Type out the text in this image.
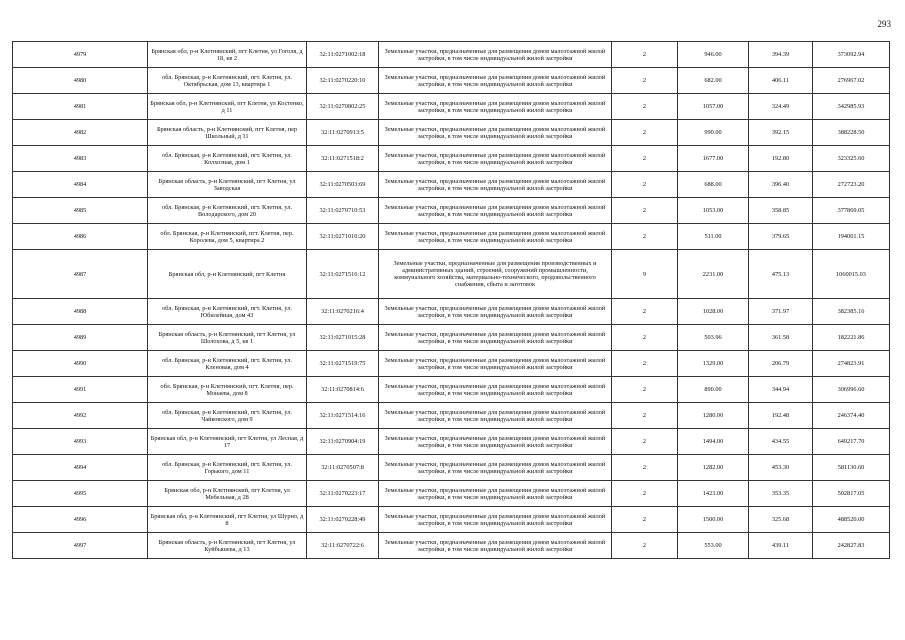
293
4979	Брянская обл, р-н Клетнянский, пгт Клетня, ул Гоголя, д 18, кв 2	32:11:0271002:18	Земельные участки, предназначенные для размещения домов малоэтажной жилой застройки, в том числе индивидуальной жилой застройки	2	946.00	394.39	373092.94
4980	обл. Брянская, р-н Клетнянский, пгт. Клетня, ул. Октябрьская, дом 13, квартира 1	32:11:0270220:10	Земельные участки, предназначенные для размещения домов малоэтажной жилой застройки, в том числе индивидуальной жилой застройки	2	682.00	406.11	276967.02
4981	Брянская обл, р-н Клетнянский, пгт Клетня, ул Костенко, д 11	32:11:0270802:25	Земельные участки, предназначенные для размещения домов малоэтажной жилой застройки, в том числе индивидуальной жилой застройки	2	1057.00	324.49	342985.93
4982	Брянская область, р-н Клетнянский, пгт Клетня, пер Школьный, д 11	32:11:0270913:5	Земельные участки, предназначенные для размещения домов малоэтажной жилой застройки, в том числе индивидуальной жилой застройки	2	990.00	392.15	388228.50
4983	обл. Брянская, р-н Клетнянский, пгт. Клетня, ул. Колхозная, дом 1	32:11:0271518:2	Земельные участки, предназначенные для размещения домов малоэтажной жилой застройки, в том числе индивидуальной жилой застройки	2	1677.00	192.80	323325.60
4984	Брянская область, р-н Клетнянский, пгт Клетня, ул Заводская	32:11:0270503:69	Земельные участки, предназначенные для размещения домов малоэтажной жилой застройки, в том числе индивидуальной жилой застройки	2	688.00	396.40	272723.20
4985	обл. Брянская, р-н Клетнянский, пгт. Клетня, ул. Володарского, дом 20	32:11:0270710:53	Земельные участки, предназначенные для размещения домов малоэтажной жилой застройки, в том числе индивидуальной жилой застройки	2	1053.00	358.85	377869.05
4986	обл. Брянская, р-н Клетнянский, пгт. Клетня, пер. Королева, дом 5, квартира 2	32:11:0271010:20	Земельные участки, предназначенные для размещения домов малоэтажной жилой застройки, в том числе индивидуальной жилой застройки	2	511.00	379.65	194001.15
4987	Брянская обл, р-н Клетнянский, пгт Клетня	32:11:0271516:12	Земельные участки, предназначенные для размещения производственных и административных зданий, строений, сооружений промышленности, коммунального хозяйства, материально-технического, продовольственного снабжения, сбыта и заготовок	9	2231.00	475.13	1060015.03
4988	обл. Брянская, р-н Клетнянский, пгт. Клетня, ул. Юбилейная, дом 43	32:11:0270216:4	Земельные участки, предназначенные для размещения домов малоэтажной жилой застройки, в том числе индивидуальной жилой застройки	2	1028.00	371.97	382385.16
4989	Брянская область, р-н Клетнянский, пгт Клетня, ул Шолохова, д 5, кв 1	32:11:0271015:28	Земельные участки, предназначенные для размещения домов малоэтажной жилой застройки, в том числе индивидуальной жилой застройки	2	503.96	361.58	182221.86
4990	обл. Брянская, р-н Клетнянский, пгт. Клетня, ул. Кленовая, дом 4	32:11:0271519:75	Земельные участки, предназначенные для размещения домов малоэтажной жилой застройки, в том числе индивидуальной жилой застройки	2	1329.00	206.79	274823.91
4991	обл. Брянская, р-н Клетнянский, пгт. Клетня, пер. Монаева, дом 8	32:11:0270814:6	Земельные участки, предназначенные для размещения домов малоэтажной жилой застройки, в том числе индивидуальной жилой застройки	2	890.00	344.94	306996.60
4992	обл. Брянская, р-н Клетнянский, пгт. Клетня, ул. Чайковского, дом 9	32:11:0271514:16	Земельные участки, предназначенные для размещения домов малоэтажной жилой застройки, в том числе индивидуальной жилой застройки	2	1280.00	192.48	246374.40
4993	Брянская обл, р-н Клетнянский, пгт Клетня, ул Лесная, д 17	32:11:0270904:19	Земельные участки, предназначенные для размещения домов малоэтажной жилой застройки, в том числе индивидуальной жилой застройки	2	1494.00	434.55	649217.70
4994	обл. Брянская, р-н Клетнянский, пгт. Клетня, ул. Горького, дом 11	32:11:0270507:8	Земельные участки, предназначенные для размещения домов малоэтажной жилой застройки, в том числе индивидуальной жилой застройки	2	1282.00	453.30	581130.60
4995	Брянская обл, р-н Клетнянский, пгт Клетня, ул Мебельная, д 28	32:11:0270223:17	Земельные участки, предназначенные для размещения домов малоэтажной жилой застройки, в том числе индивидуальной жилой застройки	2	1423.00	353.35	502817.05
4996	Брянская обл, р-н Клетнянский, пгт Клетня, ул Шурно, д 8	32:11:0270228:49	Земельные участки, предназначенные для размещения домов малоэтажной жилой застройки, в том числе индивидуальной жилой застройки	2	1500.00	325.68	488520.00
4997	Брянская область, р-н Клетнянский, пгт Клетня, ул Куйбышева, д 13	32:11:0270722:6	Земельные участки, предназначенные для размещения домов малоэтажной жилой застройки, в том числе индивидуальной жилой застройки	2	553.00	439.11	242827.83
